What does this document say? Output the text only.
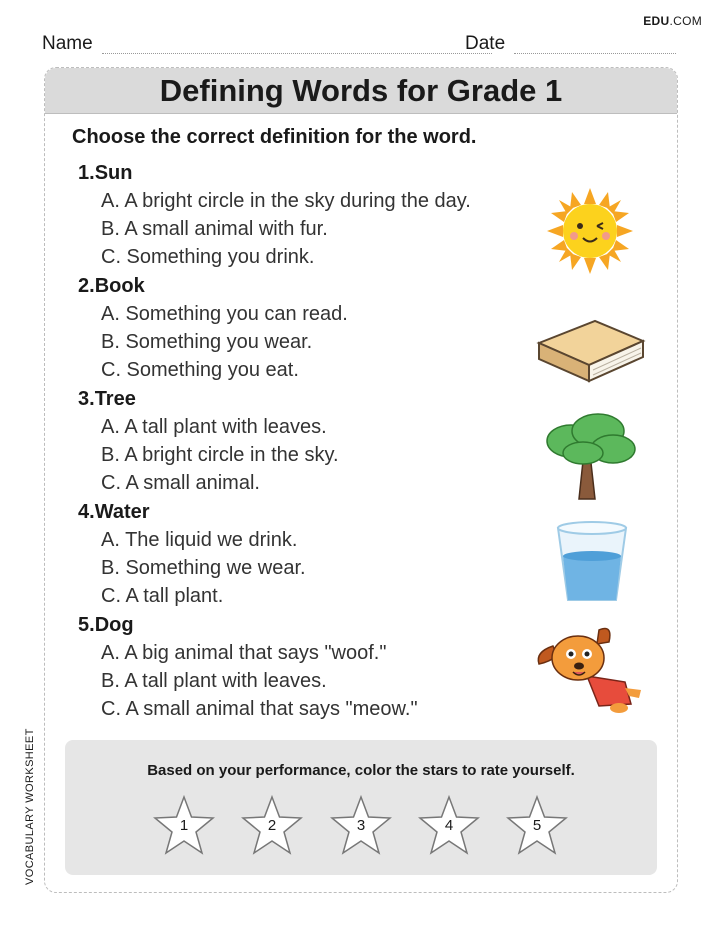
EDU.COM
Name	Date
Defining Words for Grade 1
Choose the correct definition for the word.
1.Sun
A. A bright circle in the sky during the day.
B. A small animal with fur.
C. Something you drink.
2.Book
A. Something you can read.
B. Something you wear.
C. Something you eat.
3.Tree
A. A tall plant with leaves.
B. A bright circle in the sky.
C. A small animal.
4.Water
A. The liquid we drink.
B. Something we wear.
C. A tall plant.
5.Dog
A. A big animal that says "woof."
B. A tall plant with leaves.
C. A small animal that says "meow."
Based on your performance, color the stars to rate yourself.
1	2	3	4	5
VOCABULARY WORKSHEET
